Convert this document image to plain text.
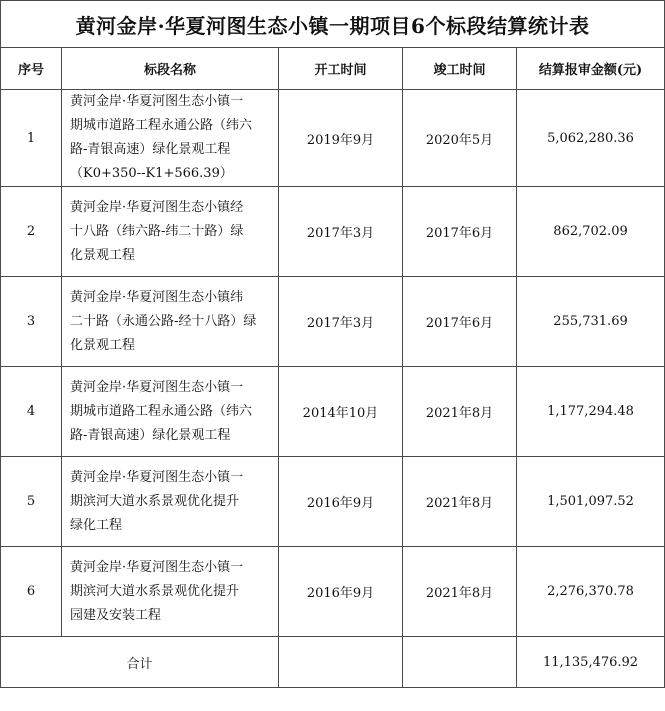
黄河金岸·华夏河图生态小镇一期项目6个标段结算统计表				
序号	标段名称	开工时间	竣工时间	结算报审金额(元)
1	黄河金岸·华夏河图生态小镇一
期城市道路工程永通公路（纬六
路-青银高速）绿化景观工程
（K0+350--K1+566.39）	2019年9月	2020年5月	5,062,280.36
2	黄河金岸·华夏河图生态小镇经
十八路（纬六路-纬二十路）绿
化景观工程	2017年3月	2017年6月	862,702.09
3	黄河金岸·华夏河图生态小镇纬
二十路（永通公路-经十八路）绿
化景观工程	2017年3月	2017年6月	255,731.69
4	黄河金岸·华夏河图生态小镇一
期城市道路工程永通公路（纬六
路-青银高速）绿化景观工程	2014年10月	2021年8月	1,177,294.48
5	黄河金岸·华夏河图生态小镇一
期滨河大道水系景观优化提升
绿化工程	2016年9月	2021年8月	1,501,097.52
6	黄河金岸·华夏河图生态小镇一
期滨河大道水系景观优化提升
园建及安装工程	2016年9月	2021年8月	2,276,370.78
合计				11,135,476.92
